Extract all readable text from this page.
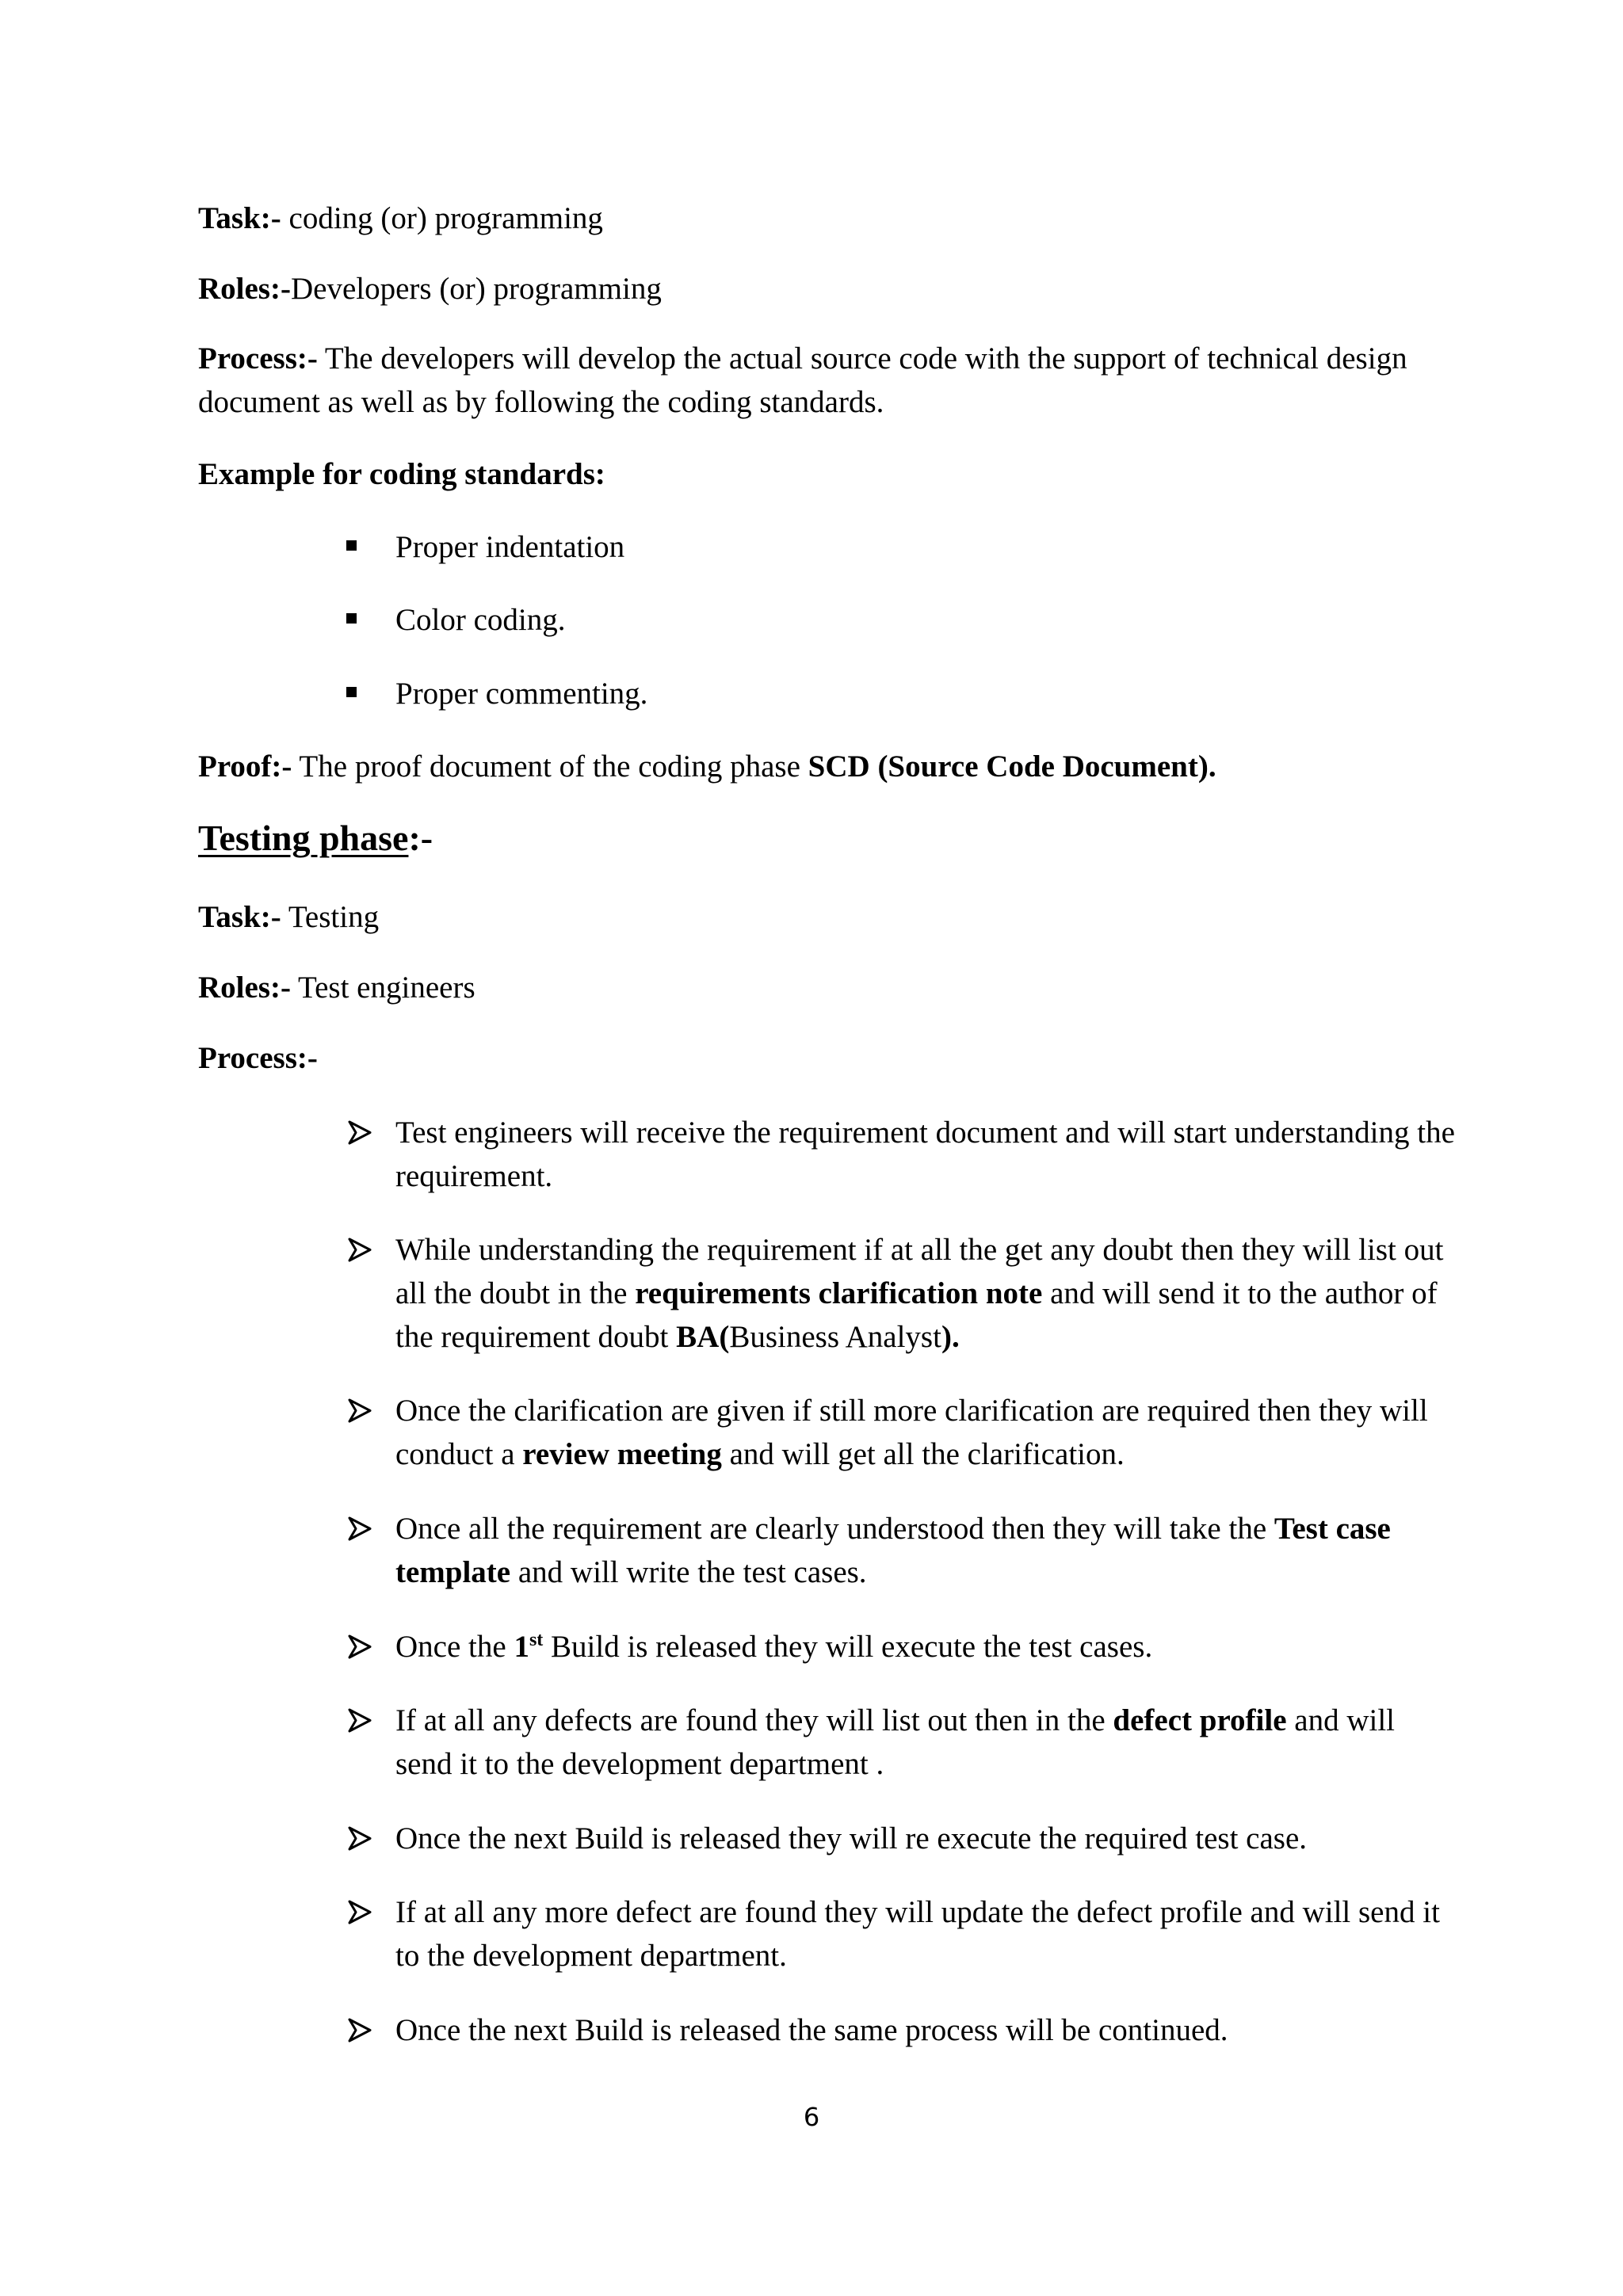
Task:- coding (or) programming
Roles:-Developers (or) programming
Process:- The developers will develop the actual source code with the support of technical design document as well as by following the coding standards.
Example for coding standards:
Proper indentation
Color coding.
Proper commenting.
Proof:- The proof document of the coding phase SCD (Source Code Document).
Testing phase:-
Task:- Testing
Roles:- Test engineers
Process:-
Test engineers will receive the requirement document and will start understanding the requirement.
While understanding the requirement if at all the get any doubt then they will list out all the doubt in the requirements clarification note and will send it to the author of the requirement doubt BA(Business Analyst).
Once the clarification are given if still more clarification are required then they will conduct a review meeting and will get all the clarification.
Once all the requirement are clearly understood then they will take the Test case template and will write the test cases.
Once the 1st Build is released they will execute the test cases.
If at all any defects are found they will list out then in the defect profile and will send it to the development department .
Once the next Build is released they will re execute the required test case.
If at all any more defect are found they will update the defect profile and will send it to the development department.
Once the next Build is released the same process will be continued.
6
